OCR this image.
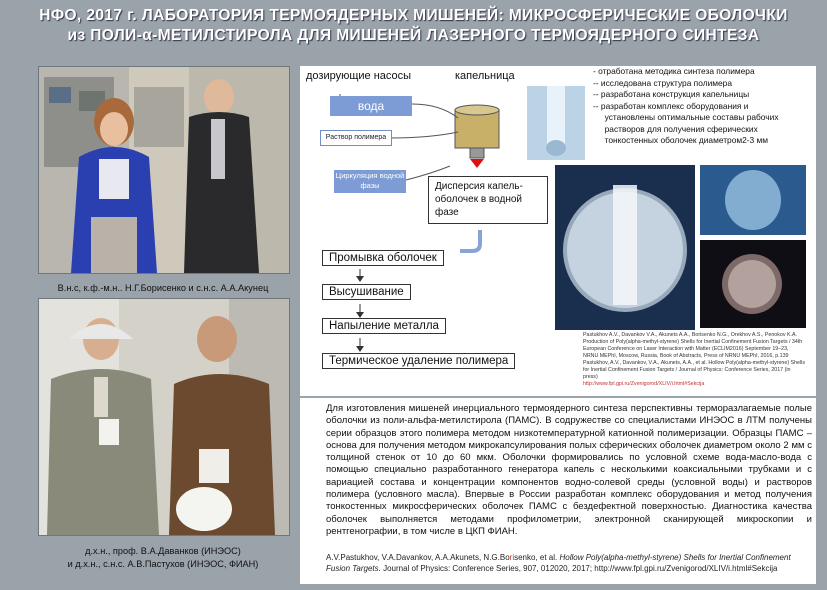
НФО, 2017 г. ЛАБОРАТОРИЯ ТЕРМОЯДЕРНЫХ МИШЕНЕЙ: МИКРОСФЕРИЧЕСКИЕ ОБОЛОЧКИ
из ПОЛИ-α-МЕТИЛСТИРОЛА ДЛЯ МИШЕНЕЙ ЛАЗЕРНОГО ТЕРМОЯДЕРНОГО СИНТЕЗА
В.н.с, к.ф.-м.н.. Н.Г.Борисенко и с.н.с. А.А.Акунец
д.х.н., проф. В.А.Даванков (ИНЭОС)
и д.х.н., с.н.с. А.В.Пастухов (ИНЭОС, ФИАН)
дозирующие насосы	капельница
вода
Раствор полимера
Циркуляция водной фазы	Дисперсия капель-оболочек в водной фазе
Промывка оболочек
Высушивание
Напыление металла
Термическое удаление полимера
- отработана методика синтеза полимера
-- исследована структура полимера
-- разработана конструкция капельницы
-- разработан комплекс оборудования и
установлены оптимальные составы рабочих
растворов для получения сферических
тонкостенных оболочек диаметром2-3 мм
Pastukhov A.V., Davankov V.A., Akunets A.A., Borisenko N.G., Orekhov A.S., Penokov K.A. Production of Poly(alpha-methyl-styrene) Shells for Inertial Confinement Fusion Targets / 34th European Conference on Laser Interaction with Matter (ECLIM2016) September 19–23, NRNU MEPhI, Moscow, Russia, Book of Abstracts, Press of NRNU MEPhI, 2016, p.139
Pastukhov, A.V., Davankov, V.A., Akunets, A.A., et al. Hollow Poly(alpha-methyl-styrene) Shells for Inertial Confinement Fusion Targets / Journal of Physics: Conference Series, 2017 (in press)
http://www.fpl.gpi.ru/Zvenigorod/XLIV/i.html#Sekcija
Для изготовления мишеней инерциального термоядерного синтеза перспективны терморазлагаемые полые оболочки из поли-альфа-метилстирола (ПАМС). В содружестве со специалистами ИНЭОС в ЛТМ получены серии образцов этого полимера методом низкотемпературной катионной полимеризации. Образцы ПАМС – основа для получения методом микрокапсулирования полых сферических оболочек диаметром около 2 мм с толщиной стенок от 10 до 60 мкм. Оболочки формировались по условной схеме вода-масло-вода с помощью специально разработанного генератора капель с несколькими коаксиальными трубками и с вариацией состава и концентрации компонентов водно-солевой среды (условной воды) и растворов полимера (условного масла). Впервые в России разработан комплекс оборудования и метод получения тонкостенных микросферических оболочек ПАМС с бездефектной поверхностью. Диагностика качества оболочек выполняется методами профилометрии, электронной сканирующей микроскопии и рентгенографии, в том числе в ЦКП ФИАН.
A.V.Pastukhov, V.A.Davankov, A.A.Akunets, N.G.Borisenko, et al. Hollow Poly(alpha-methyl-styrene) Shells for Inertial Confinement Fusion Targets. Journal of Physics: Conference Series, 907, 012020, 2017; http://www.fpl.gpi.ru/Zvenigorod/XLIV/i.html#Sekcija
